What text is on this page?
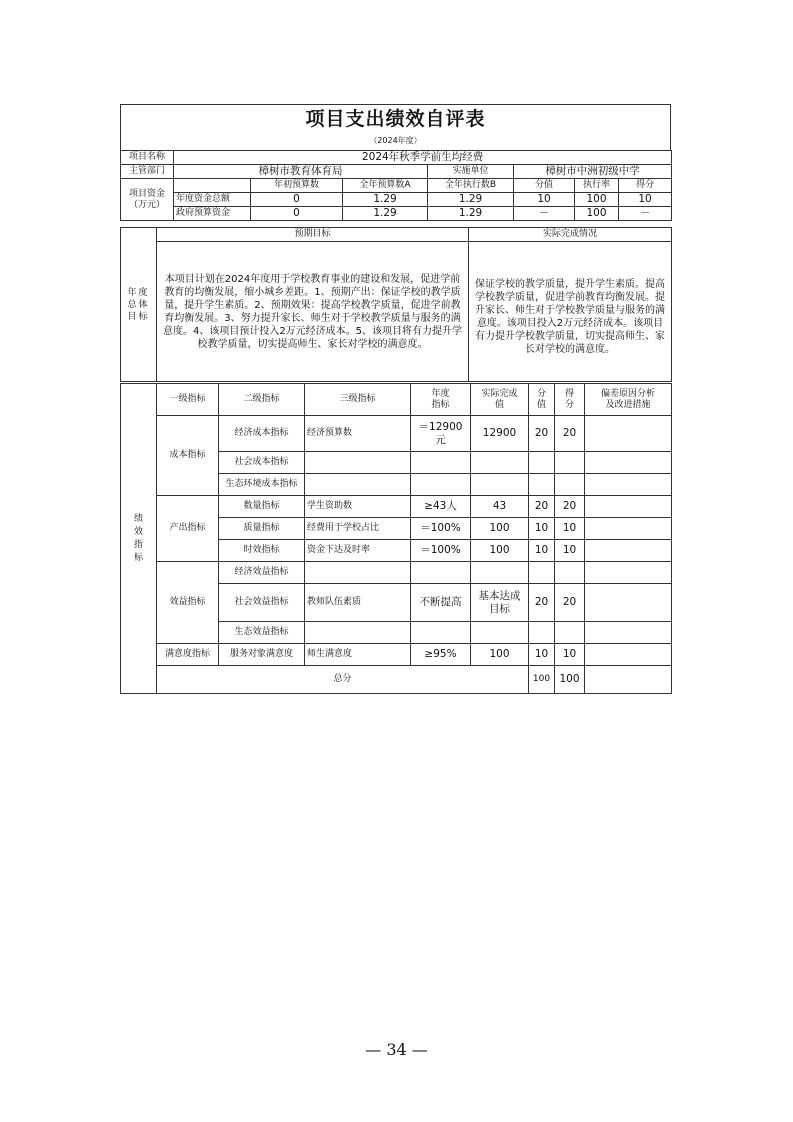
项目支出绩效自评表
（2024年度）
项目名称	2024年秋季学前生均经费						
主管部门	樟树市教育体育局			实施单位	樟树市中洲初级中学		
项目资金（万元）		年初预算数	全年预算数A	全年执行数B	分值	执行率	得分
	年度资金总额	0	1.29	1.29	10	100	10
	政府预算资金	0	1.29	1.29	－	100	－
年度总体目标	预期目标	实际完成情况
	本项目计划在2024年度用于学校教育事业的建设和发展，促进学前教育的均衡发展，缩小城乡差距。1、预期产出：保证学校的教学质量，提升学生素质。2、预期效果：提高学校教学质量，促进学前教育均衡发展。3、努力提升家长、师生对于学校教学质量与服务的满意度。4、该项目预计投入2万元经济成本。5、该项目将有力提升学校教学质量，切实提高师生、家长对学校的满意度。	保证学校的教学质量，提升学生素质。提高学校教学质量，促进学前教育均衡发展。提升家长、师生对于学校教学质量与服务的满意度。该项目投入2万元经济成本。该项目有力提升学校教学质量，切实提高师生、家长对学校的满意度。
绩效指标	一级指标	二级指标	三级指标	年度指标	实际完成值	分值	得分	偏差原因分析及改进措施

	成本指标	经济成本指标	经济预算数	＝12900元	12900	20	20	
		社会成本指标						
		生态环境成本指标						
	产出指标	数量指标	学生资助数	≥43人	43	20	20	
		质量指标	经费用于学校占比	＝100%	100	10	10	
		时效指标	资金下达及时率	＝100%	100	10	10	
	效益指标	经济效益指标						
		社会效益指标	教师队伍素质	不断提高	基本达成目标	20	20	
		生态效益指标						
	满意度指标	服务对象满意度	师生满意度	≥95%	100	10	10	
	总分					100	100	
— 34 —
